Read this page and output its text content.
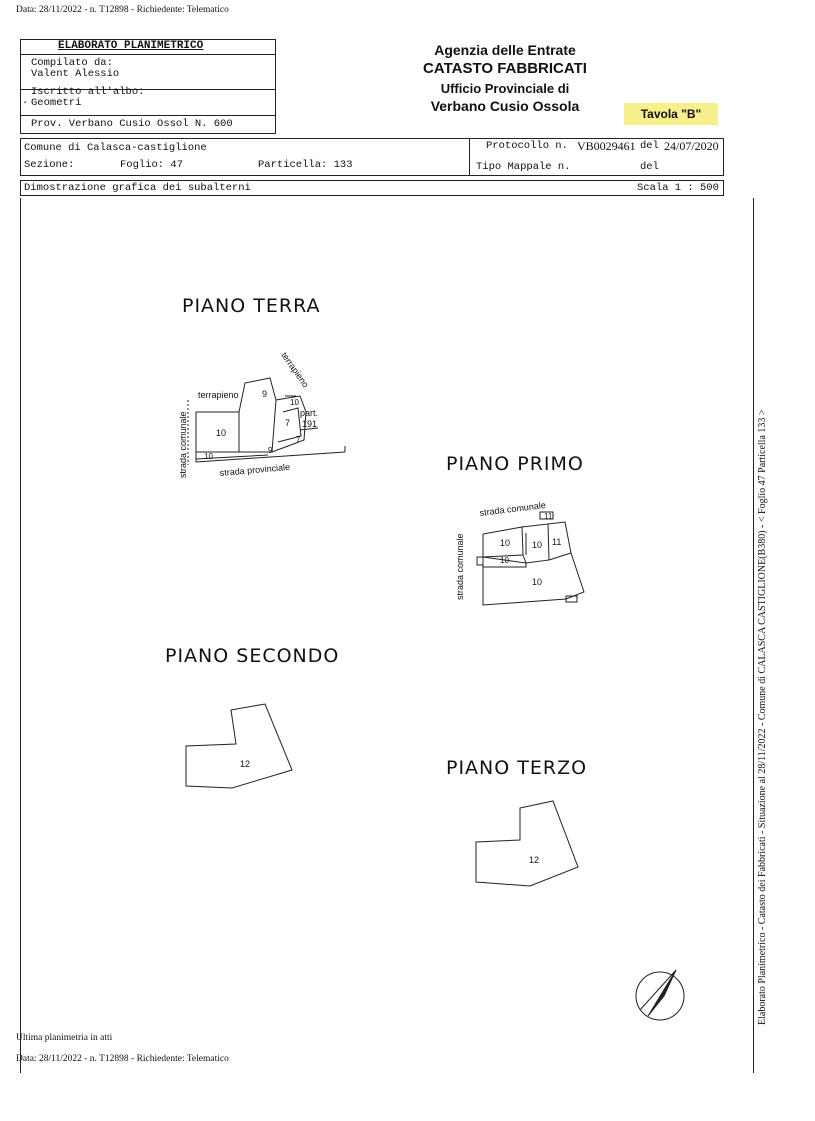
Data: 28/11/2022 - n. T12898 - Richiedente: Telematico
ELABORATO PLANIMETRICO
Compilato da:
Valent Alessio
Iscritto all'albo:
· Geometri
Prov. Verbano Cusio Ossol N. 600
Agenzia delle Entrate
CATASTO FABBRICATI
Ufficio Provinciale di
Verbano Cusio Ossola	Tavola "B"
Comune di Calasca-castiglione
Sezione:	Foglio: 47	Particella: 133
Protocollo n. VB0029461 del 24/07/2020
Tipo Mappale n.	del
Dimostrazione grafica dei subalterni	Scala 1 : 500
PIANO TERRA
PIANO PRIMO
PIANO SECONDO
PIANO TERZO
terrapieno
terrapieno
9
10
part.
191
7
10
7
10
9
strada comunale	strada provinciale
strada comunale
11
10 10 11
10
10
strada comunale
12
12
Ultima planimetria in atti
Data: 28/11/2022 - n. T12898 - Richiedente: Telematico
Elaborato Planimetrico - Catasto dei Fabbricati - Situazione al 28/11/2022 - Comune di CALASCA CASTIGLIONE(B380) - < Foglio 47 Particella 133 >
